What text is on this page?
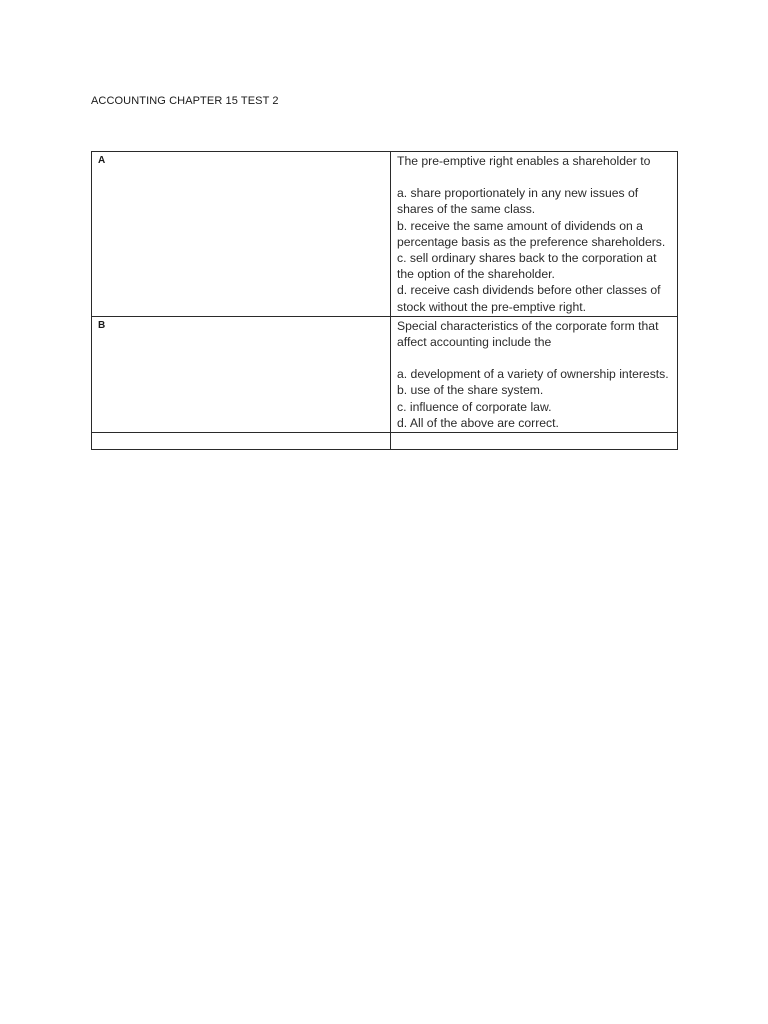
ACCOUNTING CHAPTER 15 TEST 2
A	The pre-emptive right enables a shareholder to
a. share proportionately in any new issues of shares of the same class.
b. receive the same amount of dividends on a percentage basis as the preference shareholders.
c. sell ordinary shares back to the corporation at the option of the shareholder.
d. receive cash dividends before other classes of stock without the pre-emptive right.

B	Special characteristics of the corporate form that affect accounting include the
a. development of a variety of ownership interests.
b. use of the share system.
c. influence of corporate law.
d. All of the above are correct.
